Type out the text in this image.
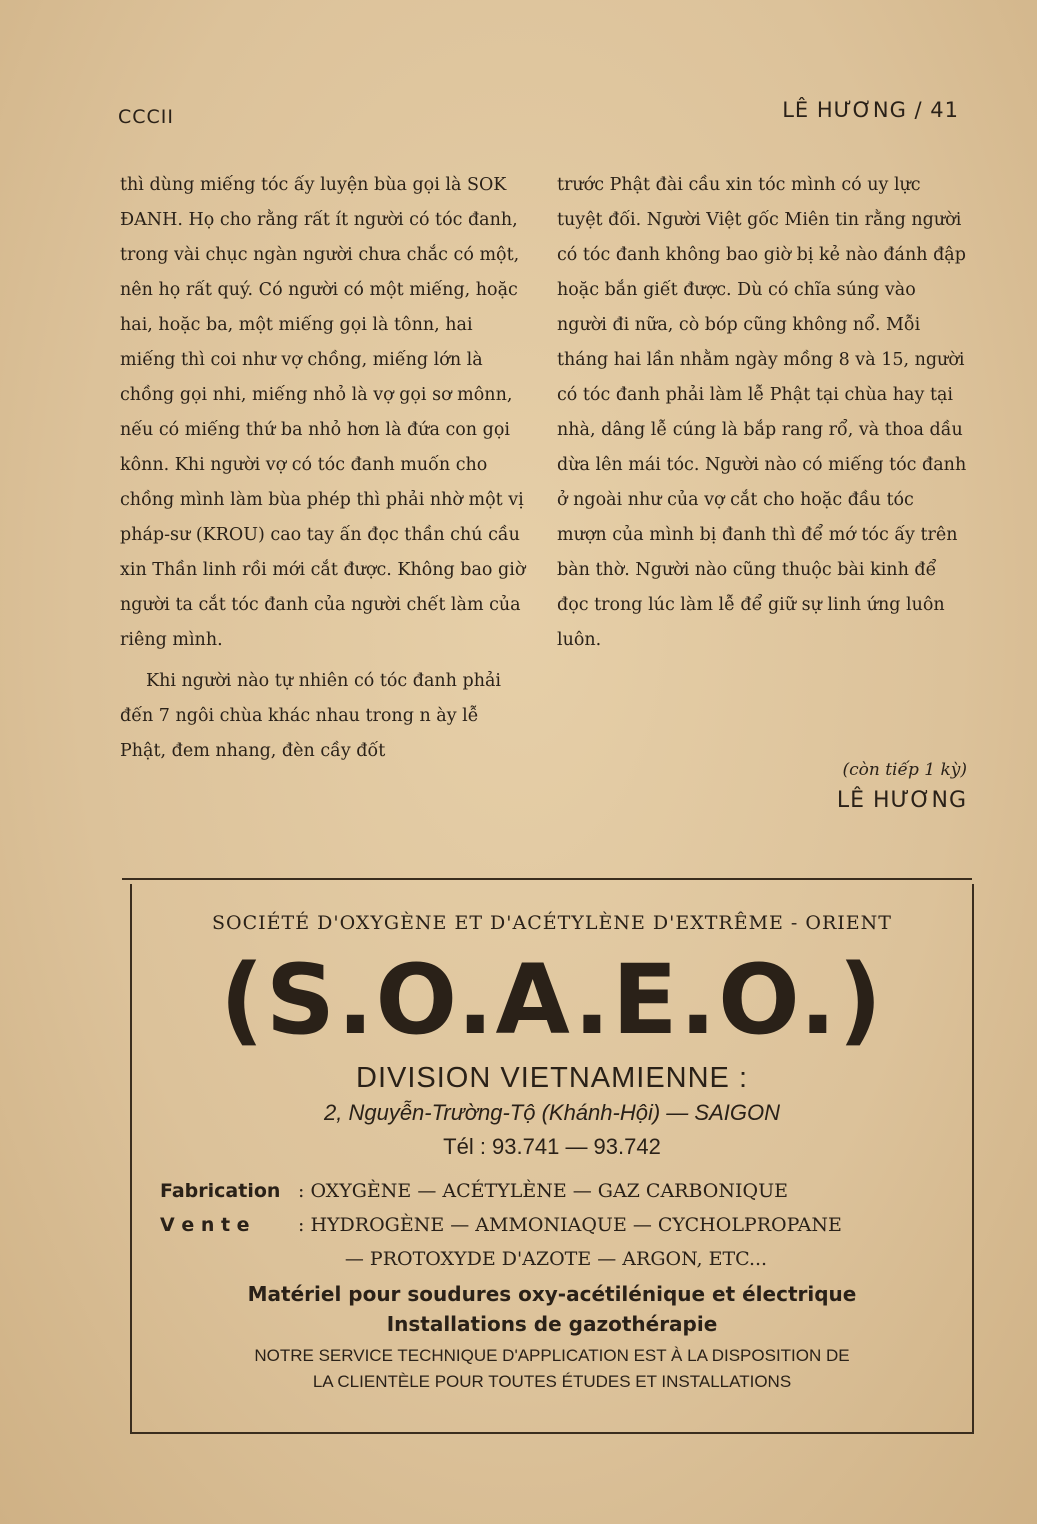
CCCII	LÊ HƯƠNG / 41

thì dùng miếng tóc ấy luyện bùa gọi là SOK ĐANH. Họ cho rằng rất ít người có tóc đanh, trong vài chục ngàn người chưa chắc có một, nên họ rất quý. Có người có một miếng, hoặc hai, hoặc ba, một miếng gọi là tônn, hai miếng thì coi như vợ chồng, miếng lớn là chồng gọi nhi, miếng nhỏ là vợ gọi sơ mônn, nếu có miếng thứ ba nhỏ hơn là đứa con gọi kônn. Khi người vợ có tóc đanh muốn cho chồng mình làm bùa phép thì phải nhờ một vị pháp-sư (KROU) cao tay ấn đọc thần chú cầu xin Thần linh rồi mới cắt được. Không bao giờ người ta cắt tóc đanh của người chết làm của riêng mình.

Khi người nào tự nhiên có tóc đanh phải đến 7 ngôi chùa khác nhau trong n ày lễ Phật, đem nhang, đèn cầy đốt

trước Phật đài cầu xin tóc mình có uy lực tuyệt đối. Người Việt gốc Miên tin rằng người có tóc đanh không bao giờ bị kẻ nào đánh đập hoặc bắn giết được. Dù có chĩa súng vào người đi nữa, cò bóp cũng không nổ. Mỗi tháng hai lần nhằm ngày mồng 8 và 15, người có tóc đanh phải làm lễ Phật tại chùa hay tại nhà, dâng lễ cúng là bắp rang rổ, và thoa dầu dừa lên mái tóc. Người nào có miếng tóc đanh ở ngoài như của vợ cắt cho hoặc đầu tóc mượn của mình bị đanh thì để mớ tóc ấy trên bàn thờ. Người nào cũng thuộc bài kinh để đọc trong lúc làm lễ để giữ sự linh ứng luôn luôn.

(còn tiếp 1 kỳ)
LÊ HƯƠNG
SOCIÉTÉ D'OXYGÈNE ET D'ACÉTYLÈNE D'EXTRÊME - ORIENT
(S.O.A.E.O.)
DIVISION VIETNAMIENNE :
2, Nguyễn-Trường-Tộ (Khánh-Hội) — SAIGON
Tél : 93.741 — 93.742
Fabrication : OXYGÈNE — ACÉTYLÈNE — GAZ CARBONIQUE
V e n t e	: HYDROGÈNE — AMMONIAQUE — CYCHOLPROPANE
— PROTOXYDE D'AZOTE — ARGON, ETC...
Matériel pour soudures oxy-acétilénique et électrique
Installations de gazothérapie
NOTRE SERVICE TECHNIQUE D'APPLICATION EST À LA DISPOSITION DE
LA CLIENTÈLE POUR TOUTES ÉTUDES ET INSTALLATIONS
